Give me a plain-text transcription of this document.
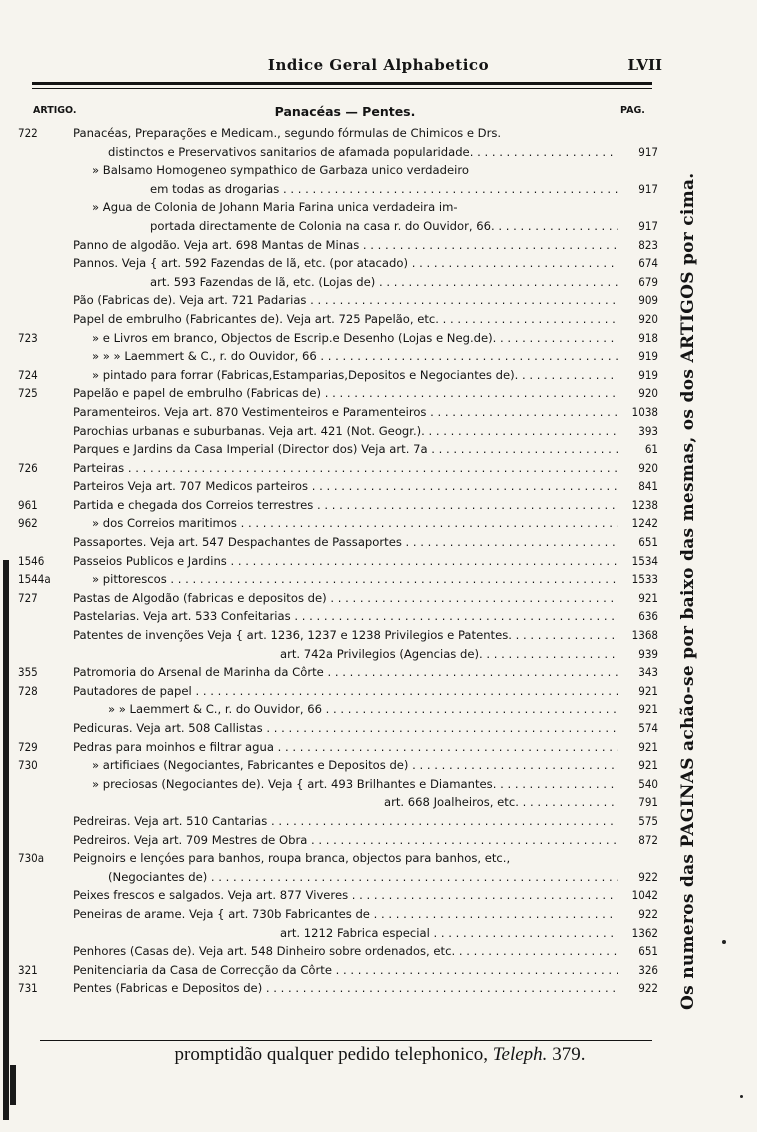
Indice Geral Alphabetico	LVII
ARTIGO.	Panacéas — Pentes.	PAG.
722	Panacéas, Preparações e Medicam., segundo fórmulas de Chimicos e Drs.
distinctos e Preservativos sanitarios de afamada popularidade. . . .	917
» Balsamo Homogeneo sympathico de Garbaza unico verdadeiro
em todas as drogarias . . .	917
» Agua de Colonia de Johann Maria Farina unica verdadeira im-
portada directamente de Colonia na casa r. do Ouvidor, 66. . . .	917
Panno de algodão. Veja art. 698 Mantas de Minas . . .	823
Pannos. Veja { art. 592 Fazendas de lã, etc. (por atacado) . . .	674
art. 593 Fazendas de lã, etc. (Lojas de) . . .	679
Pão (Fabricas de). Veja art. 721 Padarias . . .	909
Papel de embrulho (Fabricantes de). Veja art. 725 Papelão, etc. . . .	920
723	» e Livros em branco, Objectos de Escrip.e Desenho (Lojas e Neg.de). . . .	918
» » » Laemmert & C., r. do Ouvidor, 66 . . .	919
724	» pintado para forrar (Fabricas,Estamparias,Depositos e Negociantes de). . . .	919
725	Papelão e papel de embrulho (Fabricas de) . . .	920
Paramenteiros. Veja art. 870 Vestimenteiros e Paramenteiros . . .	1038
Parochias urbanas e suburbanas. Veja art. 421 (Not. Geogr.). . . .	393
Parques e Jardins da Casa Imperial (Director dos) Veja art. 7a . . .	61
726	Parteiras . . .	920
Parteiros Veja art. 707 Medicos parteiros . . .	841
961	Partida e chegada dos Correios terrestres . . .	1238
962	» dos Correios maritimos . . .	1242
Passaportes. Veja art. 547 Despachantes de Passaportes . . .	651
1546	Passeios Publicos e Jardins . . .	1534
1544a	» pittorescos . . .	1533
727	Pastas de Algodão (fabricas e depositos de) . . .	921
Pastelarias. Veja art. 533 Confeitarias . . .	636
Patentes de invenções Veja { art. 1236, 1237 e 1238 Privilegios e Patentes. . . .	1368
art. 742a Privilegios (Agencias de). . . .	939
355	Patromoria do Arsenal de Marinha da Côrte . . .	343
728	Pautadores de papel . . .	921
» » Laemmert & C., r. do Ouvidor, 66 . . .	921
Pedicuras. Veja art. 508 Callistas . . .	574
729	Pedras para moinhos e filtrar agua . . .	921
730	» artificiaes (Negociantes, Fabricantes e Depositos de) . . .	921
» preciosas (Negociantes de). Veja { art. 493 Brilhantes e Diamantes. . . .	540
art. 668 Joalheiros, etc. . . .	791
Pedreiras. Veja art. 510 Cantarias . . .	575
Pedreiros. Veja art. 709 Mestres de Obra . . .	872
730a	Peignoirs e lençóes para banhos, roupa branca, objectos para banhos, etc.,
(Negociantes de) . . .	922
Peixes frescos e salgados. Veja art. 877 Viveres . . .	1042
Peneiras de arame. Veja { art. 730b Fabricantes de . . .	922
art. 1212 Fabrica especial . . .	1362
Penhores (Casas de). Veja art. 548 Dinheiro sobre ordenados, etc. . . .	651
321	Penitenciaria da Casa de Correcção da Côrte . . .	326
731	Pentes (Fabricas e Depositos de) . . .	922
promptidão qualquer pedido telephonico, Teleph. 379.
Os numeros das PAGINAS achão-se por baixo das mesmas, os dos ARTIGOS por cima.
